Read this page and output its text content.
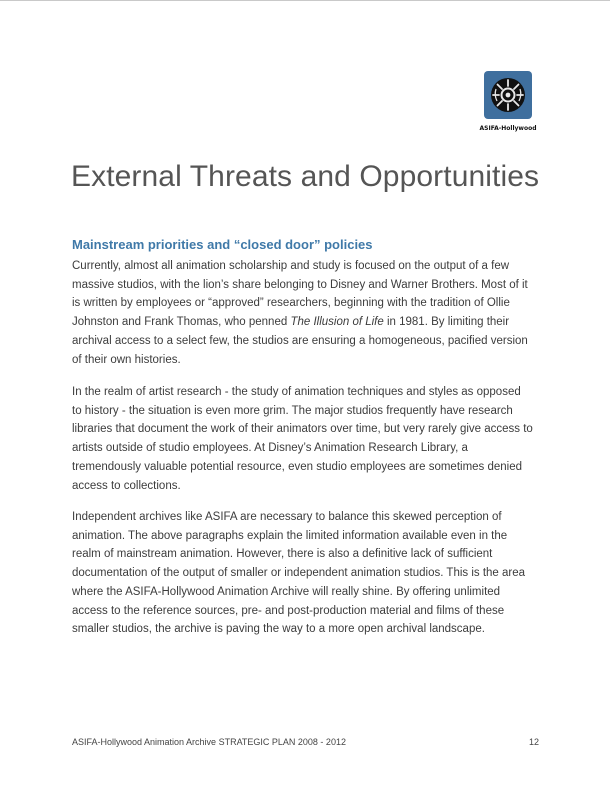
ASIFA-Hollywood
External Threats and Opportunities
Mainstream priorities and “closed door” policies

Currently, almost all animation scholarship and study is focused on the output of a few
massive studios, with the lion’s share belonging to Disney and Warner Brothers. Most of it
is written by employees or “approved” researchers, beginning with the tradition of Ollie
Johnston and Frank Thomas, who penned The Illusion of Life in 1981. By limiting their
archival access to a select few, the studios are ensuring a homogeneous, pacified version
of their own histories.

In the realm of artist research - the study of animation techniques and styles as opposed
to history - the situation is even more grim. The major studios frequently have research
libraries that document the work of their animators over time, but very rarely give access to
artists outside of studio employees. At Disney’s Animation Research Library, a
tremendously valuable potential resource, even studio employees are sometimes denied
access to collections.

Independent archives like ASIFA are necessary to balance this skewed perception of
animation. The above paragraphs explain the limited information available even in the
realm of mainstream animation. However, there is also a definitive lack of sufficient
documentation of the output of smaller or independent animation studios. This is the area
where the ASIFA-Hollywood Animation Archive will really shine. By offering unlimited
access to the reference sources, pre- and post-production material and films of these
smaller studios, the archive is paving the way to a more open archival landscape.

ASIFA-Hollywood Animation Archive STRATEGIC PLAN 2008 - 2012	12
